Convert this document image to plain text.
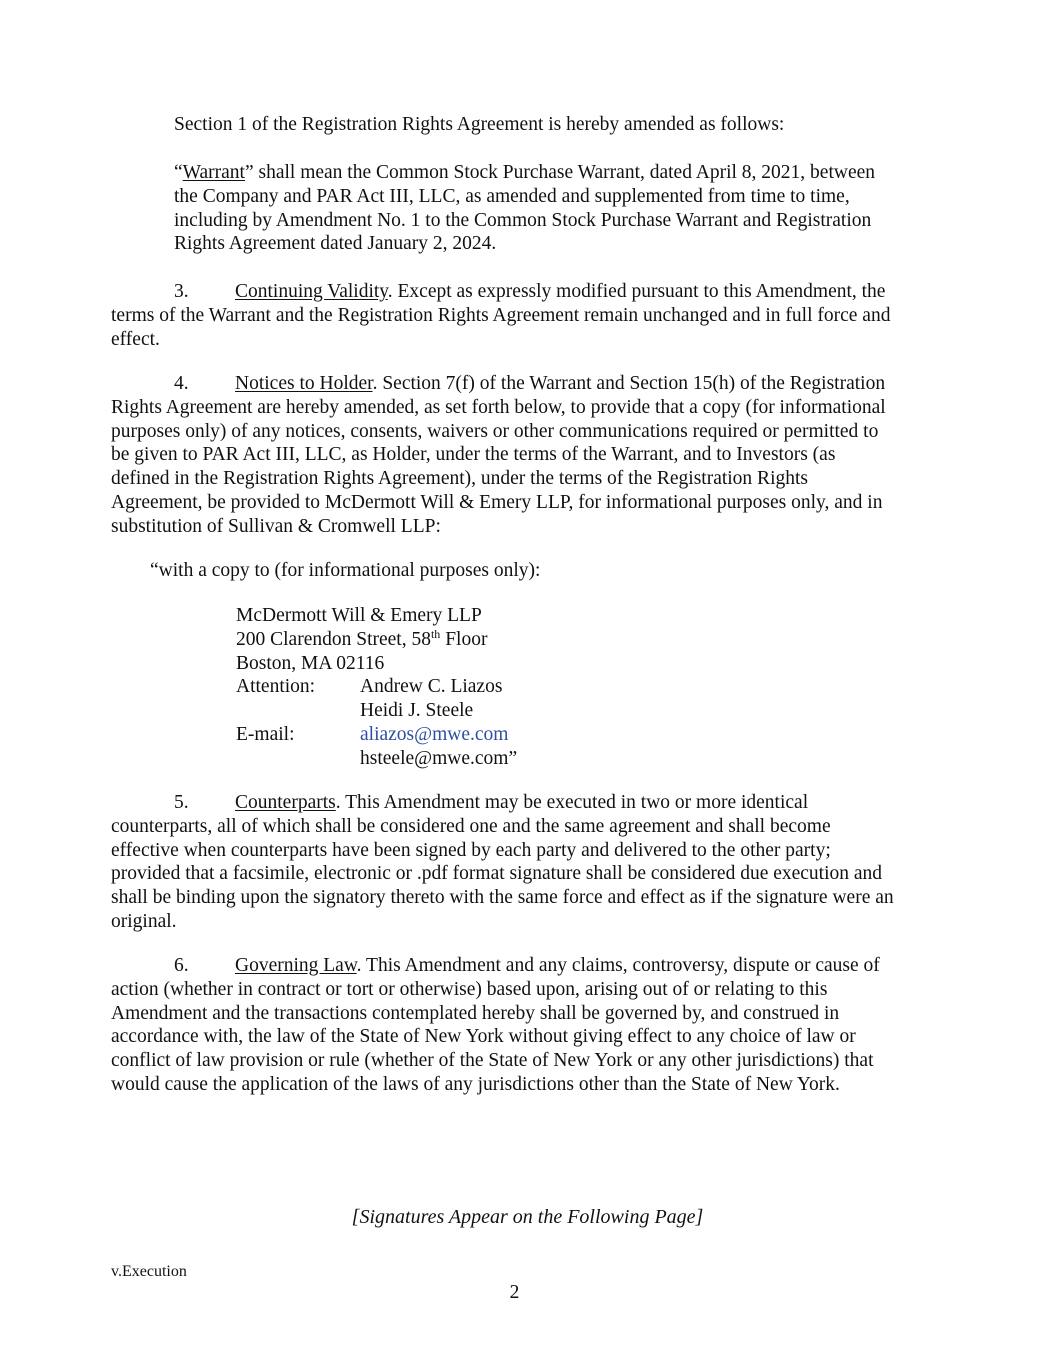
Section 1 of the Registration Rights Agreement is hereby amended as follows:

“Warrant” shall mean the Common Stock Purchase Warrant, dated April 8, 2021, between
the Company and PAR Act III, LLC, as amended and supplemented from time to time,
including by Amendment No. 1 to the Common Stock Purchase Warrant and Registration
Rights Agreement dated January 2, 2024.
3. Continuing Validity. Except as expressly modified pursuant to this Amendment, the
terms of the Warrant and the Registration Rights Agreement remain unchanged and in full force and
effect.
4. Notices to Holder. Section 7(f) of the Warrant and Section 15(h) of the Registration
Rights Agreement are hereby amended, as set forth below, to provide that a copy (for informational
purposes only) of any notices, consents, waivers or other communications required or permitted to
be given to PAR Act III, LLC, as Holder, under the terms of the Warrant, and to Investors (as
defined in the Registration Rights Agreement), under the terms of the Registration Rights
Agreement, be provided to McDermott Will & Emery LLP, for informational purposes only, and in
substitution of Sullivan & Cromwell LLP:

“with a copy to (for informational purposes only):

McDermott Will & Emery LLP
200 Clarendon Street, 58th Floor
Boston, MA 02116
Attention: Andrew C. Liazos
Heidi J. Steele
E-mail:	aliazos@mwe.com
hsteele@mwe.com”
5. Counterparts. This Amendment may be executed in two or more identical
counterparts, all of which shall be considered one and the same agreement and shall become
effective when counterparts have been signed by each party and delivered to the other party;
provided that a facsimile, electronic or .pdf format signature shall be considered due execution and
shall be binding upon the signatory thereto with the same force and effect as if the signature were an
original.
6. Governing Law. This Amendment and any claims, controversy, dispute or cause of
action (whether in contract or tort or otherwise) based upon, arising out of or relating to this
Amendment and the transactions contemplated hereby shall be governed by, and construed in
accordance with, the law of the State of New York without giving effect to any choice of law or
conflict of law provision or rule (whether of the State of New York or any other jurisdictions) that
would cause the application of the laws of any jurisdictions other than the State of New York.

[Signatures Appear on the Following Page]

v.Execution

2
